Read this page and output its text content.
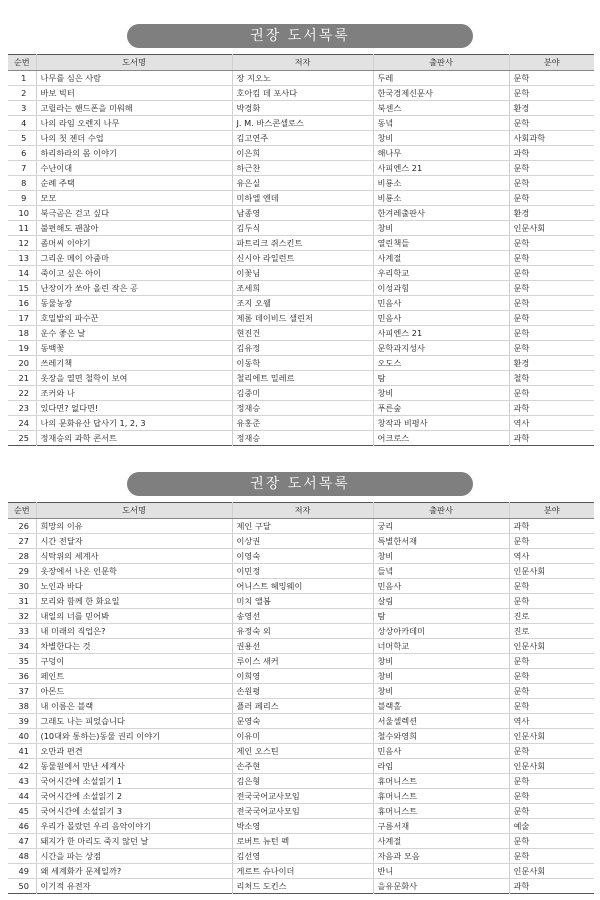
권장 도서목록
순번	도서명	저자	출판사	분야
1	나무를 심은 사람	장 지오노	두레	문학
2	바보 빅터	호아킴 데 포사다	한국경제신문사	문학
3	고릴라는 핸드폰을 미워해	박경화	북센스	환경
4	나의 라임 오렌지 나무	J. M. 바스콘셀로스	동녘	문학
5	나의 첫 젠더 수업	김고연주	창비	사회과학
6	하리하라의 몸 이야기	이은희	해나무	과학
7	수난이대	하근찬	사피엔스 21	문학
8	순례 주택	유은실	비룡소	문학
9	모모	미하엘 엔데	비룡소	문학
10	북극곰은 걷고 싶다	남종영	한겨레출판사	환경
11	불편해도 괜찮아	김두식	창비	인문사회
12	좀머씨 이야기	파트리크 쥐스킨트	열린책들	문학
13	그리운 메이 아줌마	신시아 라일런트	사계절	문학
14	죽이고 싶은 아이	이꽃님	우리학교	문학
15	난장이가 쏘아 올린 작은 공	조세희	이성과힘	문학
16	동물농장	조지 오웰	민음사	문학
17	호밀밭의 파수꾼	제롬 데이비드 샐린저	민음사	문학
18	운수 좋은 날	현진건	사피엔스 21	문학
19	동백꽃	김유정	문학과지성사	문학
20	쓰레기책	이동학	오도스	환경
21	옷장을 열면 철학이 보여	철리에트 밀레르	탐	철학
22	조커와 나	김중미	창비	문학
23	있다면? 없다면!	정재승	푸른숲	과학
24	나의 문화유산 답사기 1, 2, 3	유홍준	창작과 비평사	역사
25	정재승의 과학 콘서트	정재승	어크로스	과학
권장 도서목록
순번	도서명	저자	출판사	분야
26	희망의 이유	제인 구달	궁리	과학
27	시간 전달자	이상권	특별한서재	문학
28	식탁위의 세계사	이영숙	창비	역사
29	옷장에서 나온 인문학	이민정	들녘	인문사회
30	노인과 바다	어니스트 헤밍웨이	민음사	문학
31	모리와 함께 한 화요일	미치 앨봄	살림	문학
32	내일의 너를 믿어봐	송영선	탐	진로
33	내 미래의 직업은?	유정숙 외	상상아카데미	진로
34	차별한다는 것	권용선	너머학교	인문사회
35	구덩이	루이스 새커	창비	문학
36	페인트	이희영	창비	문학
37	아몬드	손원평	창비	문학
38	내 이름은 블랙	플러 페리스	블랙홀	문학
39	그래도 나는 피었습니다	문영숙	서울셀렉션	역사
40	(10대와 통하는)동물 권리 이야기	이유미	철수와영희	인문사회
41	오만과 편견	제인 오스틴	민음사	문학
42	동물원에서 만난 세계사	손주현	라임	인문사회
43	국어시간에 소설읽기 1	김은형	휴머니스트	문학
44	국어시간에 소설읽기 2	전국국어교사모임	휴머니스트	문학
45	국어시간에 소설읽기 3	전국국어교사모임	휴머니스트	문학
46	우리가 몰랐던 우리 음악이야기	박소영	구름서재	예술
47	돼지가 한 마리도 죽지 않던 날	로버트 뉴턴 펙	사계절	문학
48	시간을 파는 상점	김선영	자음과 모음	문학
49	왜 세계화가 문제일까?	게르트 슈나이더	반니	인문사회
50	이기적 유전자	리처드 도킨스	을유문화사	과학
